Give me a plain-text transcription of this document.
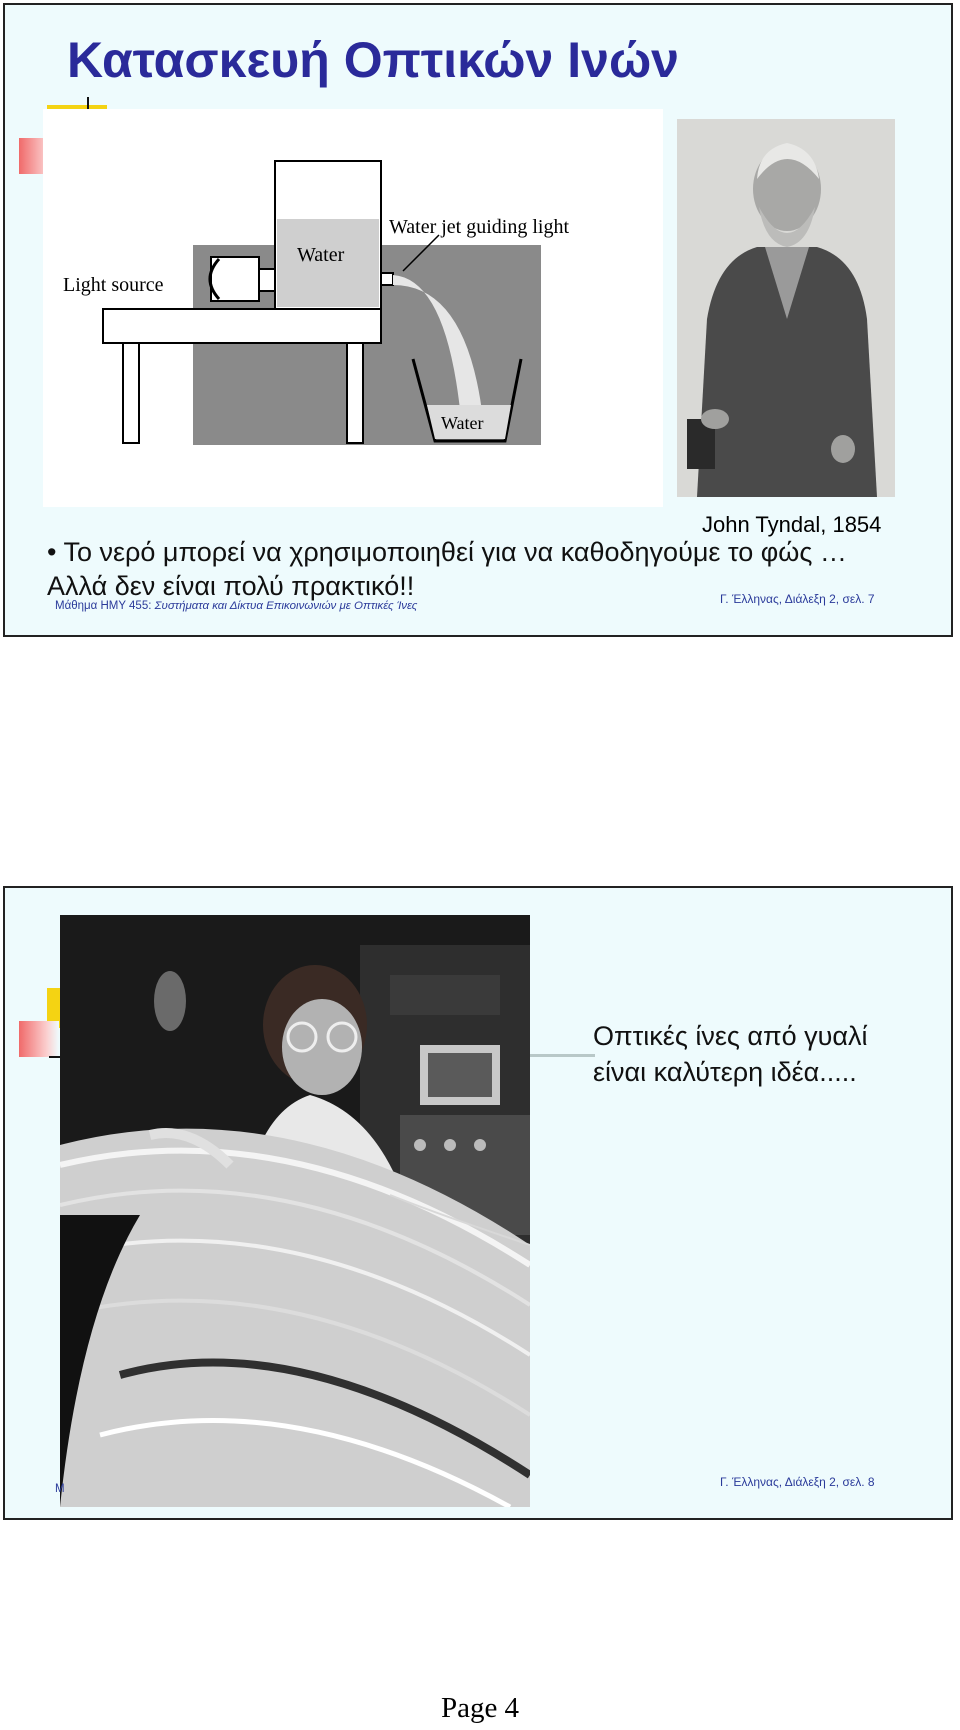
Κατασκευή Οπτικών Ινών
Light source
Water
Water jet guiding light
Water
John Tyndal, 1854
• Το νερό μπορεί να χρησιμοποιηθεί για να καθοδηγούμε το φώς …
Αλλά δεν είναι πολύ πρακτικό!!
Μάθημα ΗΜΥ 455: Συστήματα και Δίκτυα Επικοινωνιών με Οπτικές Ίνες	Γ. Έλληνας, Διάλεξη 2, σελ. 7
Οπτικές ίνες από γυαλί
είναι καλύτερη ιδέα.....
Μ	Γ. Έλληνας, Διάλεξη 2, σελ. 8
Page 4
